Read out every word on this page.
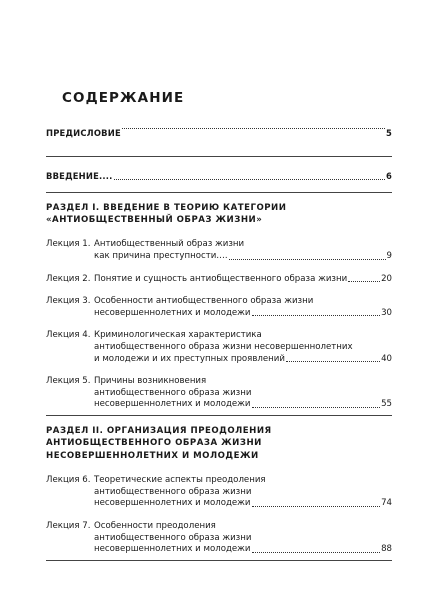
СОДЕРЖАНИЕ
ПРЕДИСЛОВИЕ	5
ВВЕДЕНИЕ....	6
РАЗДЕЛ I. ВВЕДЕНИЕ В ТЕОРИЮ КАТЕГОРИИ
«АНТИОБЩЕСТВЕННЫЙ ОБРАЗ ЖИЗНИ»
Лекция 1. Антиобщественный образ жизни
как причина преступности….	9
Лекция 2. Понятие и сущность антиобщественного образа жизни	20
Лекция 3. Особенности антиобщественного образа жизни
несовершеннолетних и молодежи	30
Лекция 4. Криминологическая характеристика
антиобщественного образа жизни несовершеннолетних
и молодежи и их преступных проявлений	40
Лекция 5. Причины возникновения
антиобщественного образа жизни
несовершеннолетних и молодежи	55
РАЗДЕЛ II. ОРГАНИЗАЦИЯ ПРЕОДОЛЕНИЯ
АНТИОБЩЕСТВЕННОГО ОБРАЗА ЖИЗНИ
НЕСОВЕРШЕННОЛЕТНИХ И МОЛОДЕЖИ
Лекция 6. Теоретические аспекты преодоления
антиобщественного образа жизни
несовершеннолетних и молодежи	74
Лекция 7. Особенности преодоления
антиобщественного образа жизни
несовершеннолетних и молодежи	88
